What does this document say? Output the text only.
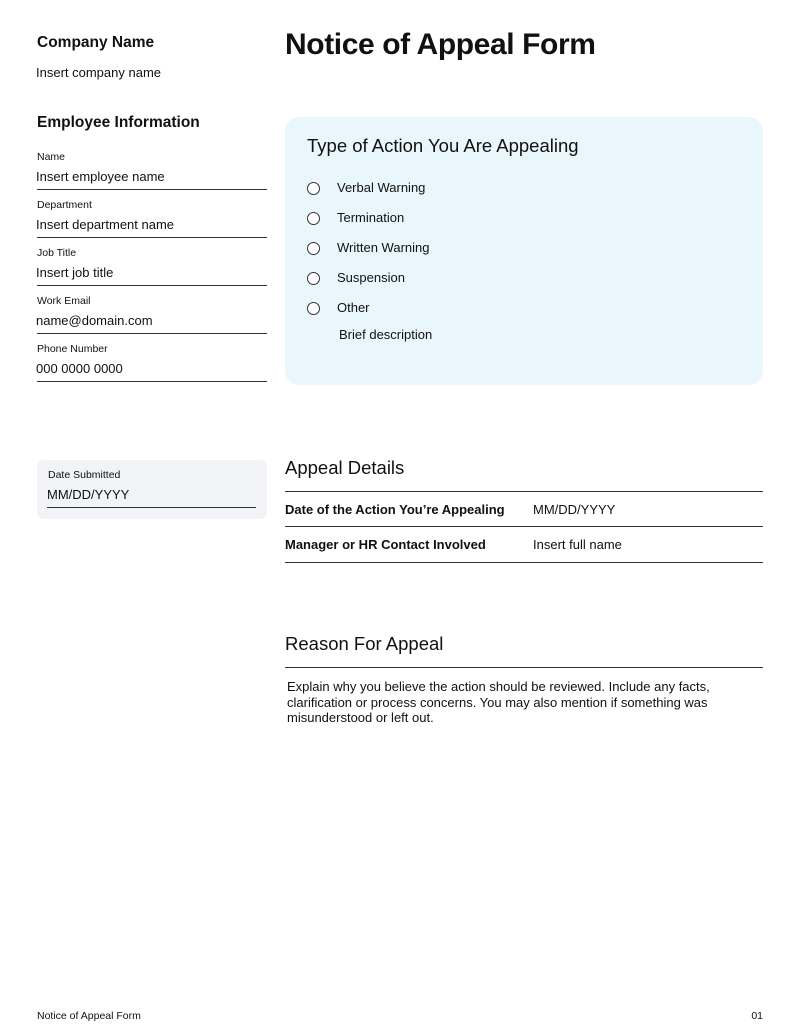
Company Name
Insert company name
Employee Information
Name
Insert employee name
Department
Insert department name
Job Title
Insert job title
Work Email
name@domain.com
Phone Number
000 0000 0000
Date Submitted
MM/DD/YYYY
Notice of Appeal Form
Type of Action You Are Appealing
Verbal Warning
Termination
Written Warning
Suspension
Other
Brief description
Appeal Details
Date of the Action You’re Appealing MM/DD/YYYY
Manager or HR Contact Involved	Insert full name
Reason For Appeal
Explain why you believe the action should be reviewed. Include any facts, clarification or process concerns. You may also mention if something was misunderstood or left out.
Notice of Appeal Form	01
